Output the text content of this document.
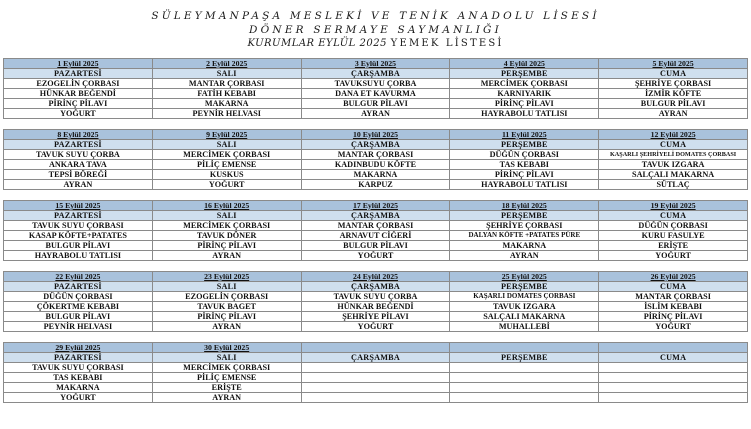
SÜLEYMANPAŞA MESLEKİ VE TENİK ANADOLU LİSESİ
DÖNER SERMAYE SAYMANLIĞI
KURUMLAR EYLÜL 2025 YEMEK LİSTESİ
1 Eylül 2025	2 Eylül 2025	3 Eylül 2025	4 Eylül 2025	5 Eylül 2025
PAZARTESİ	SALI	ÇARŞAMBA	PERŞEMBE	CUMA
EZOGELİN ÇORBASI	MANTAR ÇORBASI	TAVUKSUYU ÇORBA	MERCİMEK ÇORBASI	ŞEHRİYE ÇORBASI
HÜNKAR BEĞENDİ	FATİH KEBABI	DANA ET KAVURMA	KARNIYARIK	İZMİR KÖFTE
PİRİNÇ PİLAVI	MAKARNA	BULGUR PİLAVI	PİRİNÇ PİLAVI	BULGUR PİLAVI
YOĞURT	PEYNİR HELVASI	AYRAN	HAYRABOLU TATLISI	AYRAN

8 Eylül 2025	9 Eylül 2025	10 Eylül 2025	11 Eylül 2025	12 Eylül 2025
PAZARTESİ	SALI	ÇARŞAMBA	PERŞEMBE	CUMA
TAVUK SUYU ÇORBA	MERCİMEK ÇORBASI	MANTAR ÇORBASI	DÜĞÜN ÇORBASI	KAŞARLI ŞEHRİYELİ DOMATES ÇORBASI
ANKARA TAVA	PİLİÇ EMENSE	KADINBUDU KÖFTE	TAS KEBABI	TAVUK IZGARA
TEPSİ BÖREĞİ	KUSKUS	MAKARNA	PİRİNÇ PİLAVI	SALÇALI MAKARNA
AYRAN	YOĞURT	KARPUZ	HAYRABOLU TATLISI	SÜTLAÇ

15 Eylül 2025	16 Eylül 2025	17 Eylül 2025	18 Eylül 2025	19 Eylül 2025
PAZARTESİ	SALI	ÇARŞAMBA	PERŞEMBE	CUMA
TAVUK SUYU ÇORBASI	MERCİMEK ÇORBASI	MANTAR ÇORBASI	ŞEHRİYE ÇORBASI	DÜĞÜN ÇORBASI
KASAP KÖFTE+PATATES	TAVUK DÖNER	ARNAVUT CİĞERİ	DALYAN KÖFTE +PATATES PÜRE	KURU FASULYE
BULGUR PİLAVI	PİRİNÇ PİLAVI	BULGUR PİLAVI	MAKARNA	ERİŞTE
HAYRABOLU TATLISI	AYRAN	YOĞURT	AYRAN	YOĞURT

22 Eylül 2025	23 Eylül 2025	24 Eylül 2025	25 Eylül 2025	26 Eylül 2025
PAZARTESİ	SALI	ÇARŞAMBA	PERŞEMBE	CUMA
DÜĞÜN ÇORBASI	EZOGELİN ÇORBASI	TAVUK SUYU ÇORBA	KAŞARLI DOMATES ÇORBASI	MANTAR ÇORBASI
ÇÖKERTME KEBABI	TAVUK BAGET	HÜNKAR BEĞENDİ	TAVUK IZGARA	İSLİM KEBABI
BULGUR PİLAVI	PİRİNÇ PİLAVI	ŞEHRİYE PİLAVI	SALÇALI MAKARNA	PİRİNÇ PİLAVI
PEYNİR HELVASI	AYRAN	YOĞURT	MUHALLEBİ	YOĞURT

29 Eylül 2025	30 Eylül 2025			
PAZARTESİ	SALI	ÇARŞAMBA	PERŞEMBE	CUMA
TAVUK SUYU ÇORBASI	MERCİMEK ÇORBASI			
TAS KEBABI	PİLİÇ EMENSE			
MAKARNA	ERİŞTE			
YOĞURT	AYRAN			
